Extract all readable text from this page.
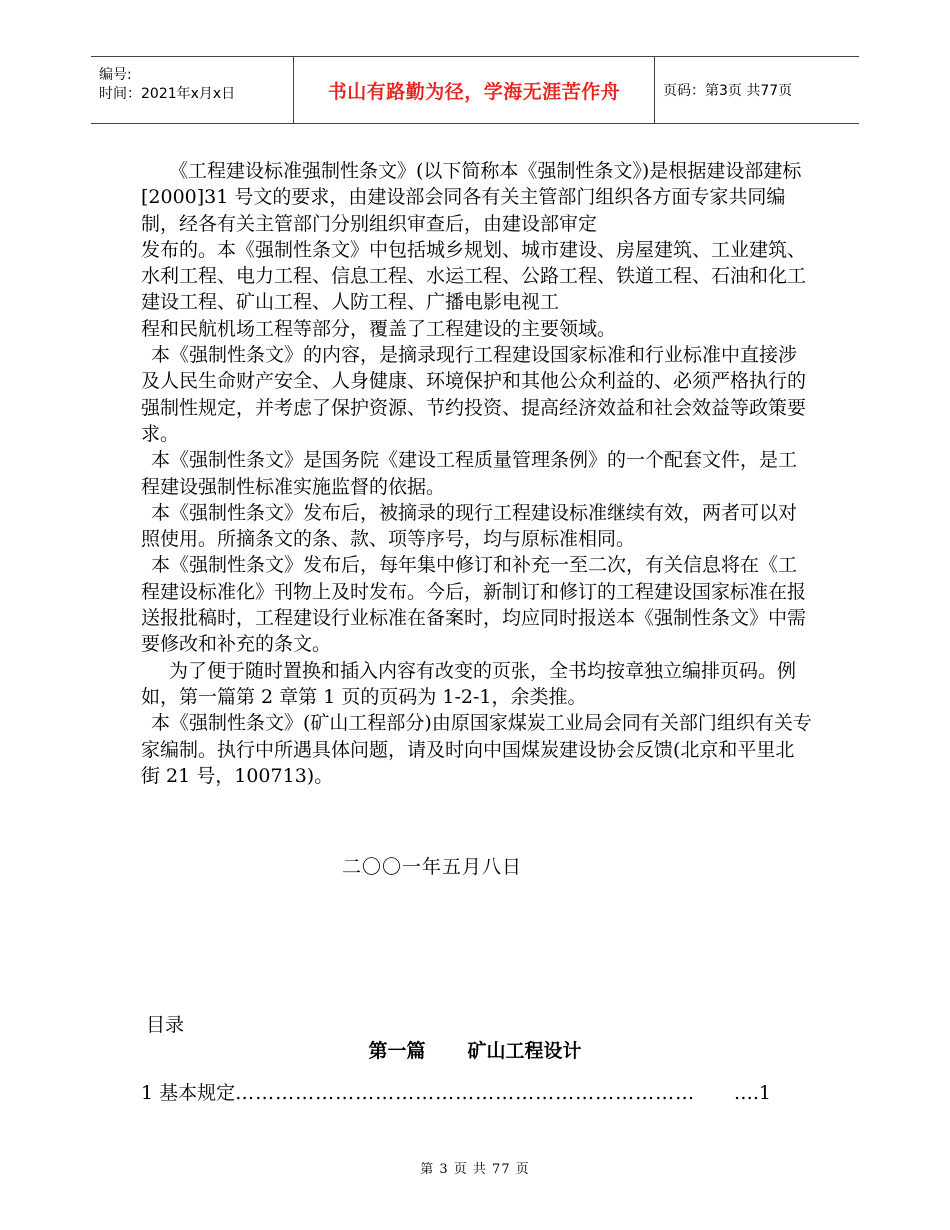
编号:
时间：2021年x月x日	书山有路勤为径，学海无涯苦作舟	页码：第3页 共77页

《工程建设标准强制性条文》(以下简称本《强制性条文》)是根据建设部建标[2000]31 号文的要求，由建设部会同各有关主管部门组织各方面专家共同编制，经各有关主管部门分别组织审查后，由建设部审定

发布的。本《强制性条文》中包括城乡规划、城市建设、房屋建筑、工业建筑、水利工程、电力工程、信息工程、水运工程、公路工程、铁道工程、石油和化工建设工程、矿山工程、人防工程、广播电影电视工

程和民航机场工程等部分，覆盖了工程建设的主要领域。

本《强制性条文》的内容，是摘录现行工程建设国家标准和行业标准中直接涉及人民生命财产安全、人身健康、环境保护和其他公众利益的、必须严格执行的强制性规定，并考虑了保护资源、节约投资、提高经济效益和社会效益等政策要求。

本《强制性条文》是国务院《建设工程质量管理条例》的一个配套文件，是工程建设强制性标准实施监督的依据。

本《强制性条文》发布后，被摘录的现行工程建设标准继续有效，两者可以对照使用。所摘条文的条、款、项等序号，均与原标准相同。

本《强制性条文》发布后，每年集中修订和补充一至二次，有关信息将在《工程建设标准化》刊物上及时发布。今后，新制订和修订的工程建设国家标准在报送报批稿时，工程建设行业标准在备案时，均应同时报送本《强制性条文》中需要修改和补充的条文。

为了便于随时置换和插入内容有改变的页张，全书均按章独立编排页码。例如，第一篇第 2 章第 1 页的页码为 1-2-1，余类推。

本《强制性条文》(矿山工程部分)由原国家煤炭工业局会同有关部门组织有关专家编制。执行中所遇具体问题，请及时向中国煤炭建设协会反馈(北京和平里北街 21 号，100713)。

二〇〇一年五月八日
目录
第一篇 矿山工程设计
1 基本规定 ……………………………………………………………	….1
第 3 页 共 77 页
